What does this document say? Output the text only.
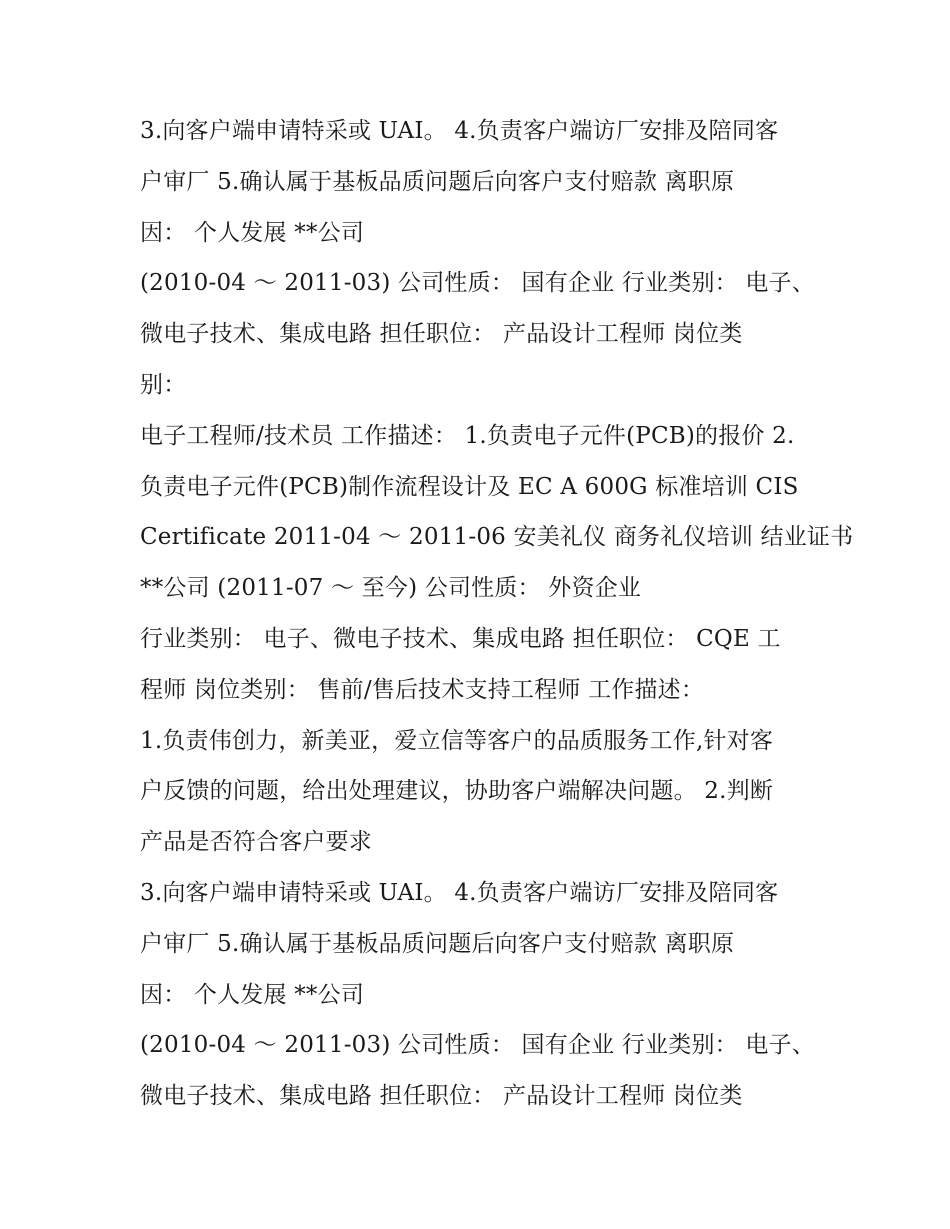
3.向客户端申请特采或 UAI。 4.负责客户端访厂安排及陪同客
户审厂 5.确认属于基板品质问题后向客户支付赔款 离职原
因： 个人发展 **公司
(2010-04 ～ 2011-03) 公司性质： 国有企业 行业类别： 电子、
微电子技术、集成电路 担任职位： 产品设计工程师 岗位类
别：
电子工程师/技术员 工作描述： 1.负责电子元件(PCB)的报价 2.
负责电子元件(PCB)制作流程设计及 EC A 600G 标准培训 CIS
Certificate 2011-04 ～ 2011-06 安美礼仪 商务礼仪培训 结业证书
**公司 (2011-07 ～ 至今) 公司性质： 外资企业
行业类别： 电子、微电子技术、集成电路 担任职位： CQE 工
程师 岗位类别： 售前/售后技术支持工程师 工作描述：
1.负责伟创力，新美亚，爱立信等客户的品质服务工作,针对客
户反馈的问题，给出处理建议，协助客户端解决问题。 2.判断
产品是否符合客户要求
3.向客户端申请特采或 UAI。 4.负责客户端访厂安排及陪同客
户审厂 5.确认属于基板品质问题后向客户支付赔款 离职原
因： 个人发展 **公司
(2010-04 ～ 2011-03) 公司性质： 国有企业 行业类别： 电子、
微电子技术、集成电路 担任职位： 产品设计工程师 岗位类
